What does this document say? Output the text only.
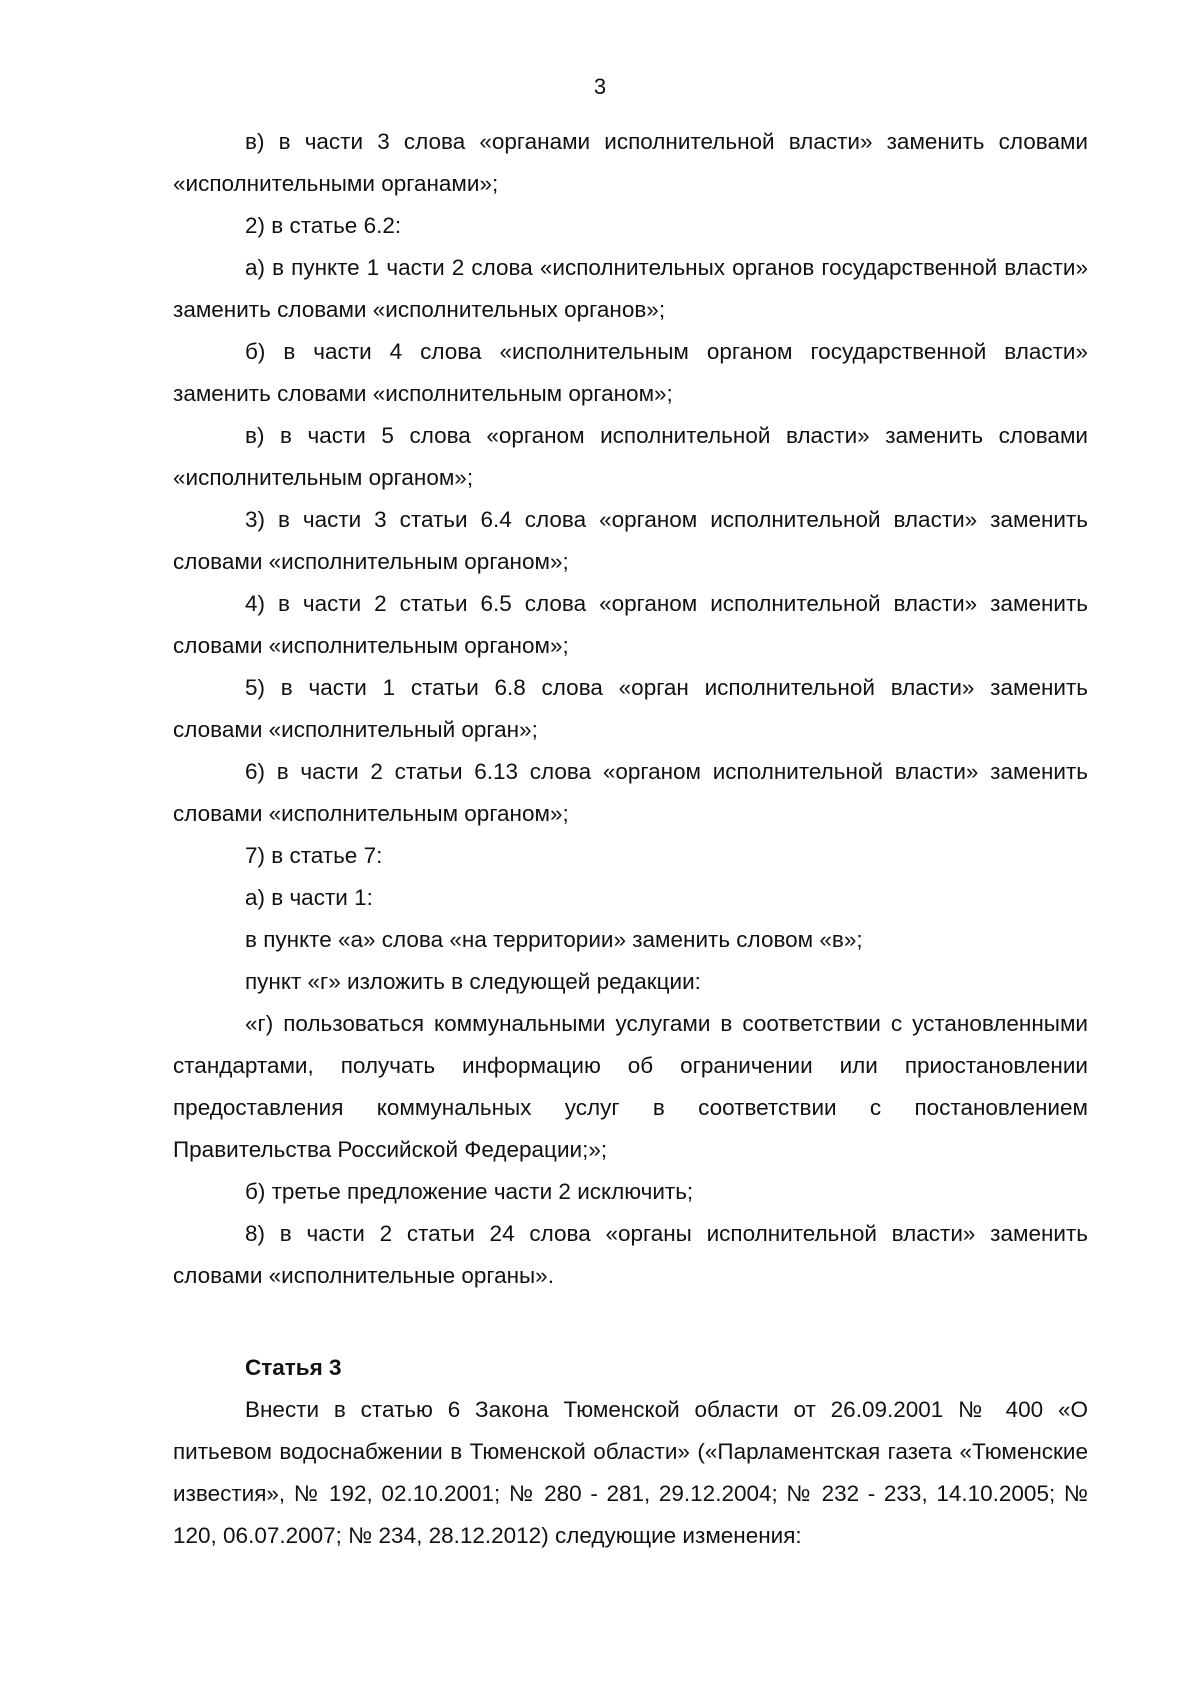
3

в) в части 3 слова «органами исполнительной власти» заменить словами «исполнительными органами»;

2) в статье 6.2:

а) в пункте 1 части 2 слова «исполнительных органов государственной власти» заменить словами «исполнительных органов»;

б) в части 4 слова «исполнительным органом государственной власти» заменить словами «исполнительным органом»;

в) в части 5 слова «органом исполнительной власти» заменить словами «исполнительным органом»;

3) в части 3 статьи 6.4 слова «органом исполнительной власти» заменить словами «исполнительным органом»;

4) в части 2 статьи 6.5 слова «органом исполнительной власти» заменить словами «исполнительным органом»;

5) в части 1 статьи 6.8 слова «орган исполнительной власти» заменить словами «исполнительный орган»;

6) в части 2 статьи 6.13 слова «органом исполнительной власти» заменить словами «исполнительным органом»;

7) в статье 7:

а) в части 1:

в пункте «а» слова «на территории» заменить словом «в»;

пункт «г» изложить в следующей редакции:

«г) пользоваться коммунальными услугами в соответствии с установленными стандартами, получать информацию об ограничении или приостановлении предоставления коммунальных услуг в соответствии с постановлением Правительства Российской Федерации;»;

б) третье предложение части 2 исключить;

8) в части 2 статьи 24 слова «органы исполнительной власти» заменить словами «исполнительные органы».

Статья 3

Внести в статью 6 Закона Тюменской области от 26.09.2001 № 400 «О питьевом водоснабжении в Тюменской области» («Парламентская газета «Тюменские известия», № 192, 02.10.2001; № 280 - 281, 29.12.2004; № 232 - 233, 14.10.2005; № 120, 06.07.2007; № 234, 28.12.2012) следующие изменения:
